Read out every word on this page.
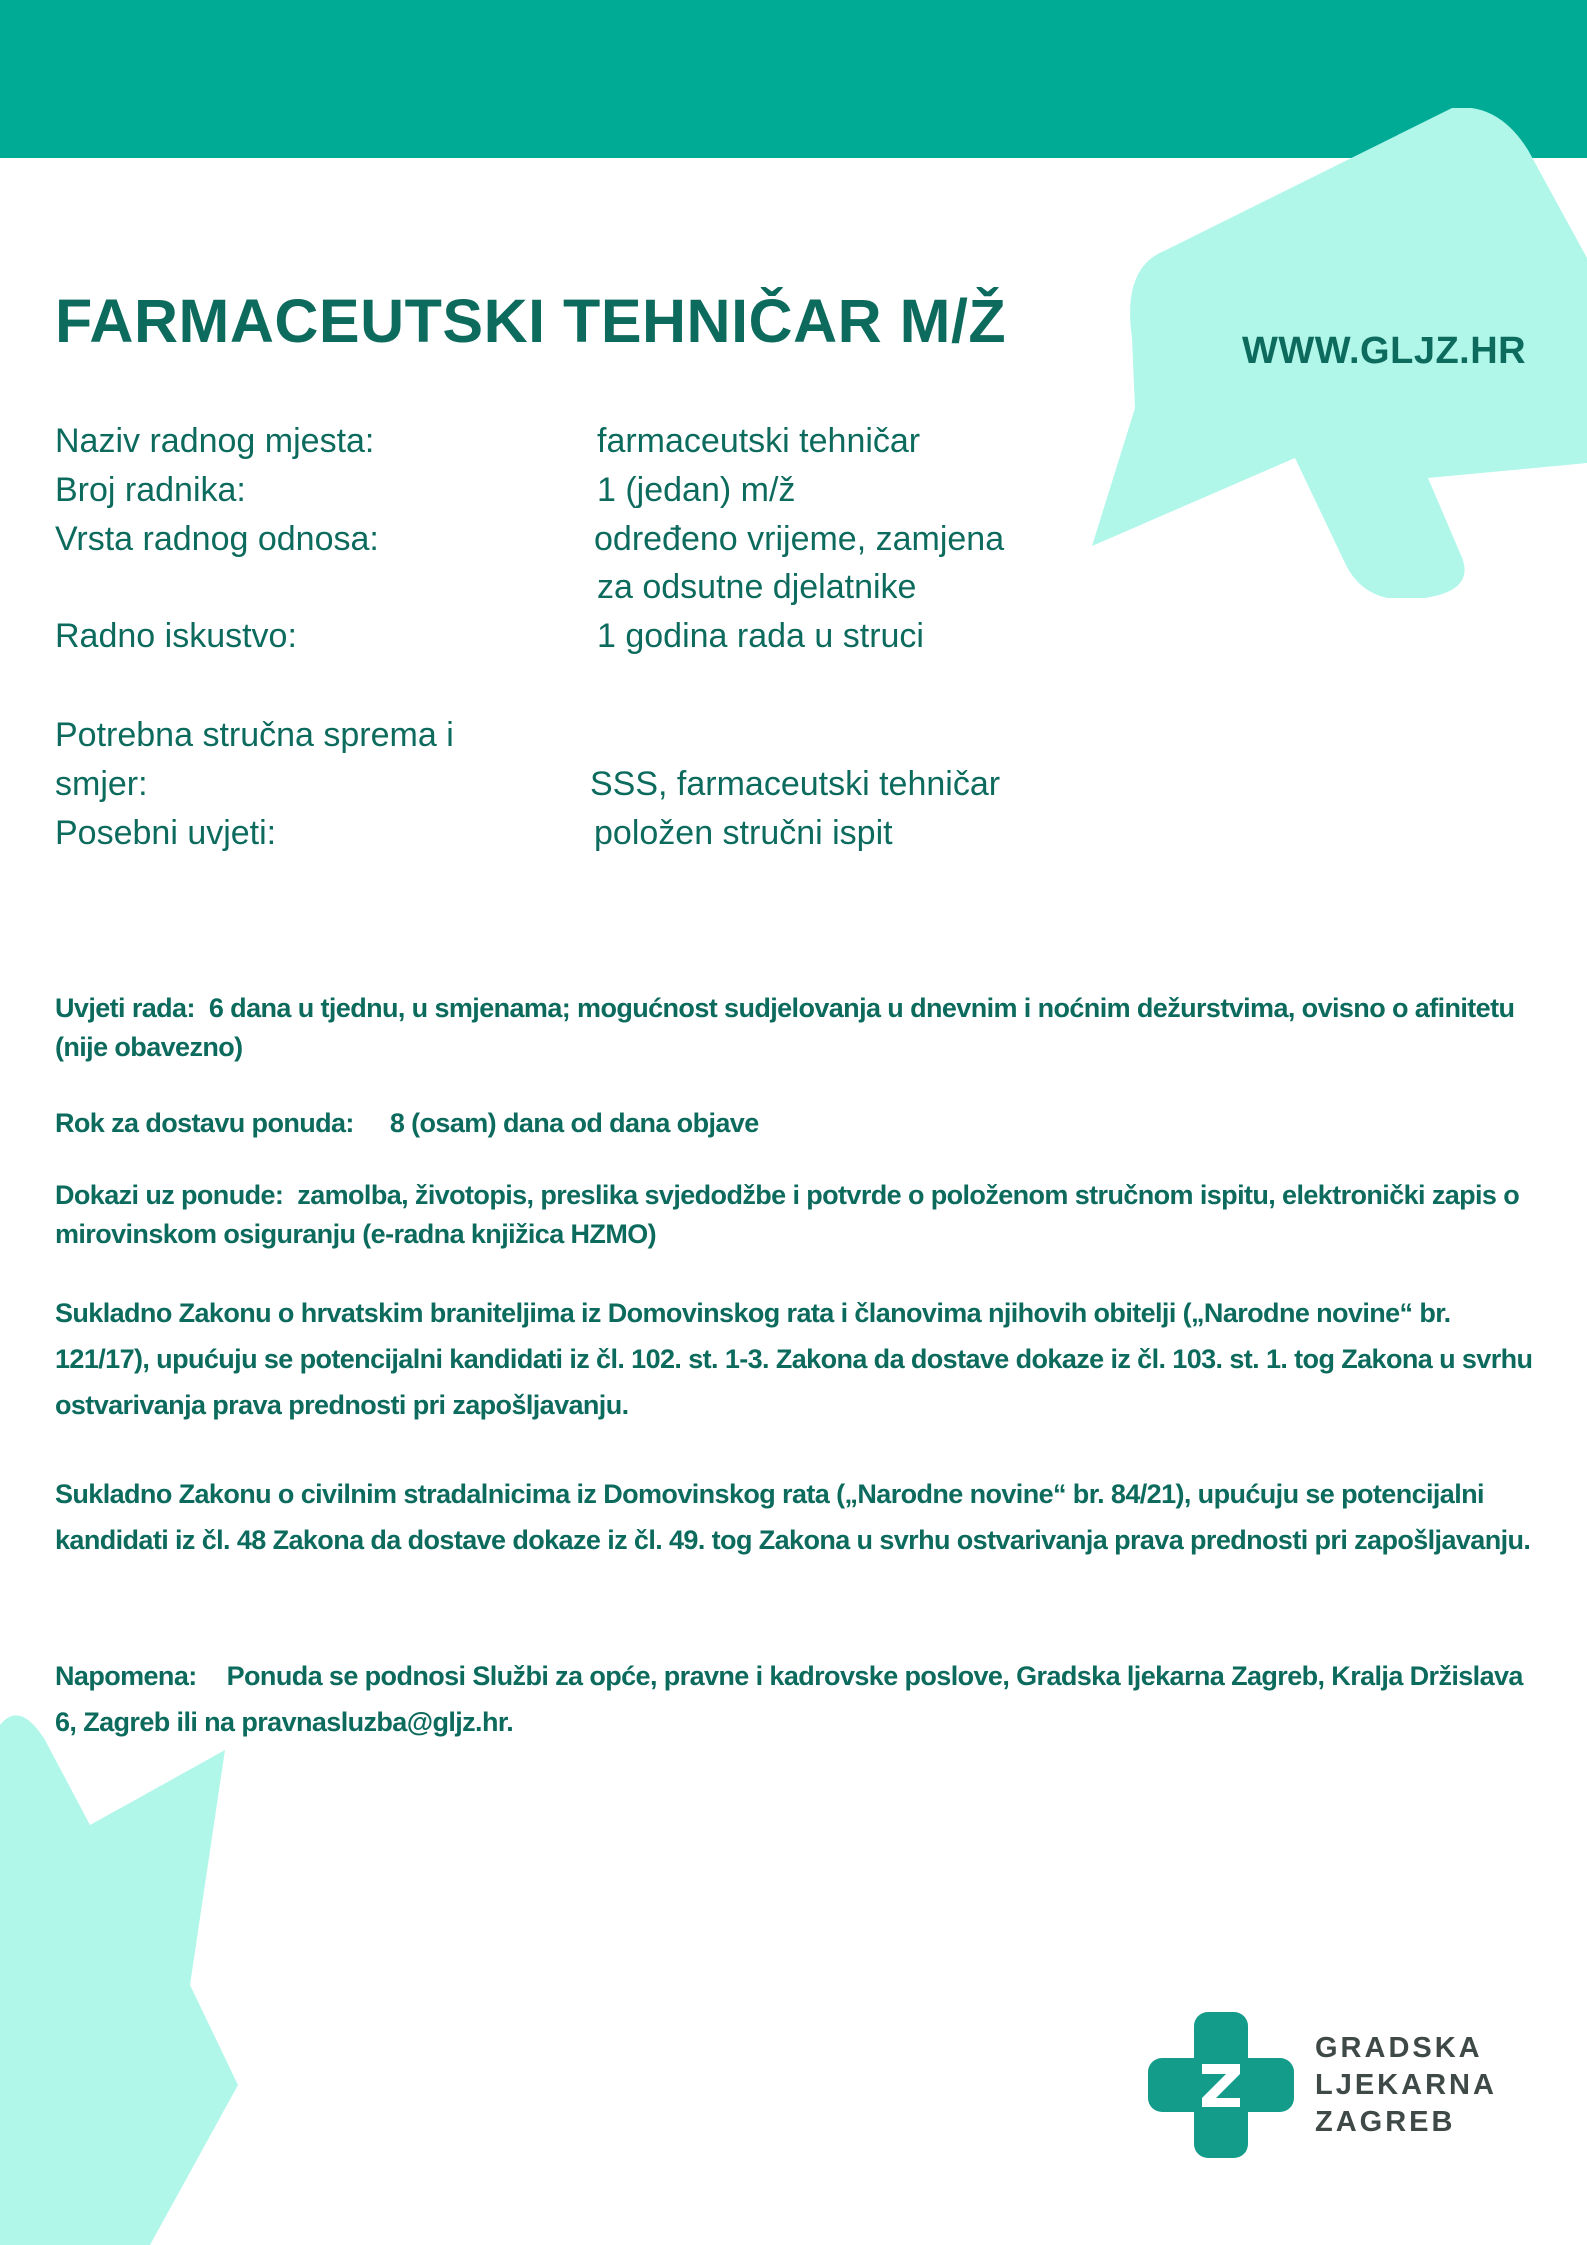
FARMACEUTSKI TEHNIČAR M/Ž	WWW.GLJZ.HR
Naziv radnog mjesta:	farmaceutski tehničar
Broj radnika:	1 (jedan) m/ž
Vrsta radnog odnosa:	određeno vrijeme, zamjena
za odsutne djelatnike
Radno iskustvo:	1 godina rada u struci
Potrebna stručna sprema i
smjer:	SSS, farmaceutski tehničar
Posebni uvjeti:	položen stručni ispit
Uvjeti rada: 6 dana u tjednu, u smjenama; mogućnost sudjelovanja u dnevnim i noćnim dežurstvima, ovisno o afinitetu (nije obavezno)
Rok za dostavu ponuda: 8 (osam) dana od dana objave
Dokazi uz ponude: zamolba, životopis, preslika svjedodžbe i potvrde o položenom stručnom ispitu, elektronički zapis o mirovinskom osiguranju (e-radna knjižica HZMO)
Sukladno Zakonu o hrvatskim braniteljima iz Domovinskog rata i članovima njihovih obitelji („Narodne novine“ br. 121/17), upućuju se potencijalni kandidati iz čl. 102. st. 1-3. Zakona da dostave dokaze iz čl. 103. st. 1. tog Zakona u svrhu ostvarivanja prava prednosti pri zapošljavanju.
Sukladno Zakonu o civilnim stradalnicima iz Domovinskog rata („Narodne novine“ br. 84/21), upućuju se potencijalni kandidati iz čl. 48 Zakona da dostave dokaze iz čl. 49. tog Zakona u svrhu ostvarivanja prava prednosti pri zapošljavanju.
Napomena: Ponuda se podnosi Službi za opće, pravne i kadrovske poslove, Gradska ljekarna Zagreb, Kralja Držislava 6, Zagreb ili na pravnasluzba@gljz.hr.
GRADSKA
LJEKARNA
ZAGREB
